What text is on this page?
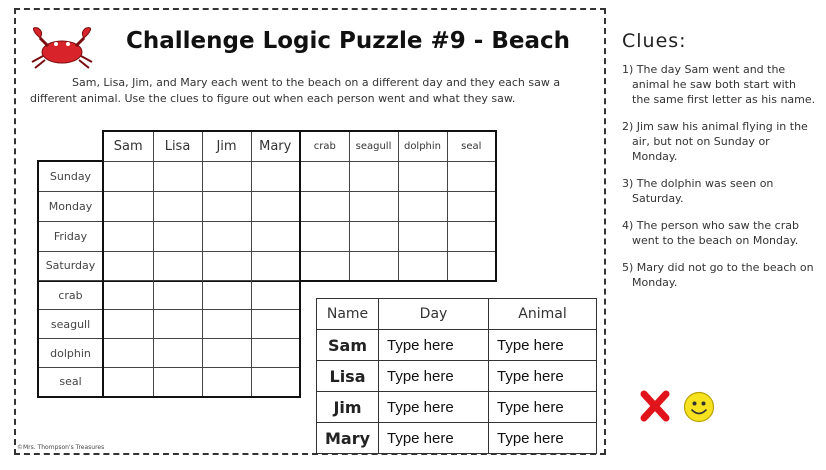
Challenge Logic Puzzle #9 - Beach
Sam, Lisa, Jim, and Mary each went to the beach on a different day and they each saw a different animal. Use the clues to figure out when each person went and what they saw.
Sam	Lisa	Jim	Mary	crab	seagull	dolphin	seal
Sunday								
Monday								
Friday								
Saturday								
crab				
seagull				
dolphin				
seal				
Name	Day	Animal
Sam	Type here	Type here
Lisa	Type here	Type here
Jim	Type here	Type here
Mary	Type here	Type here
©Mrs. Thompson's Treasures
Clues:
1) The day Sam went and the animal he saw both start with the same first letter as his name.
2) Jim saw his animal flying in the air, but not on Sunday or Monday.
3) The dolphin was seen on Saturday.
4) The person who saw the crab went to the beach on Monday.
5) Mary did not go to the beach on Monday.
